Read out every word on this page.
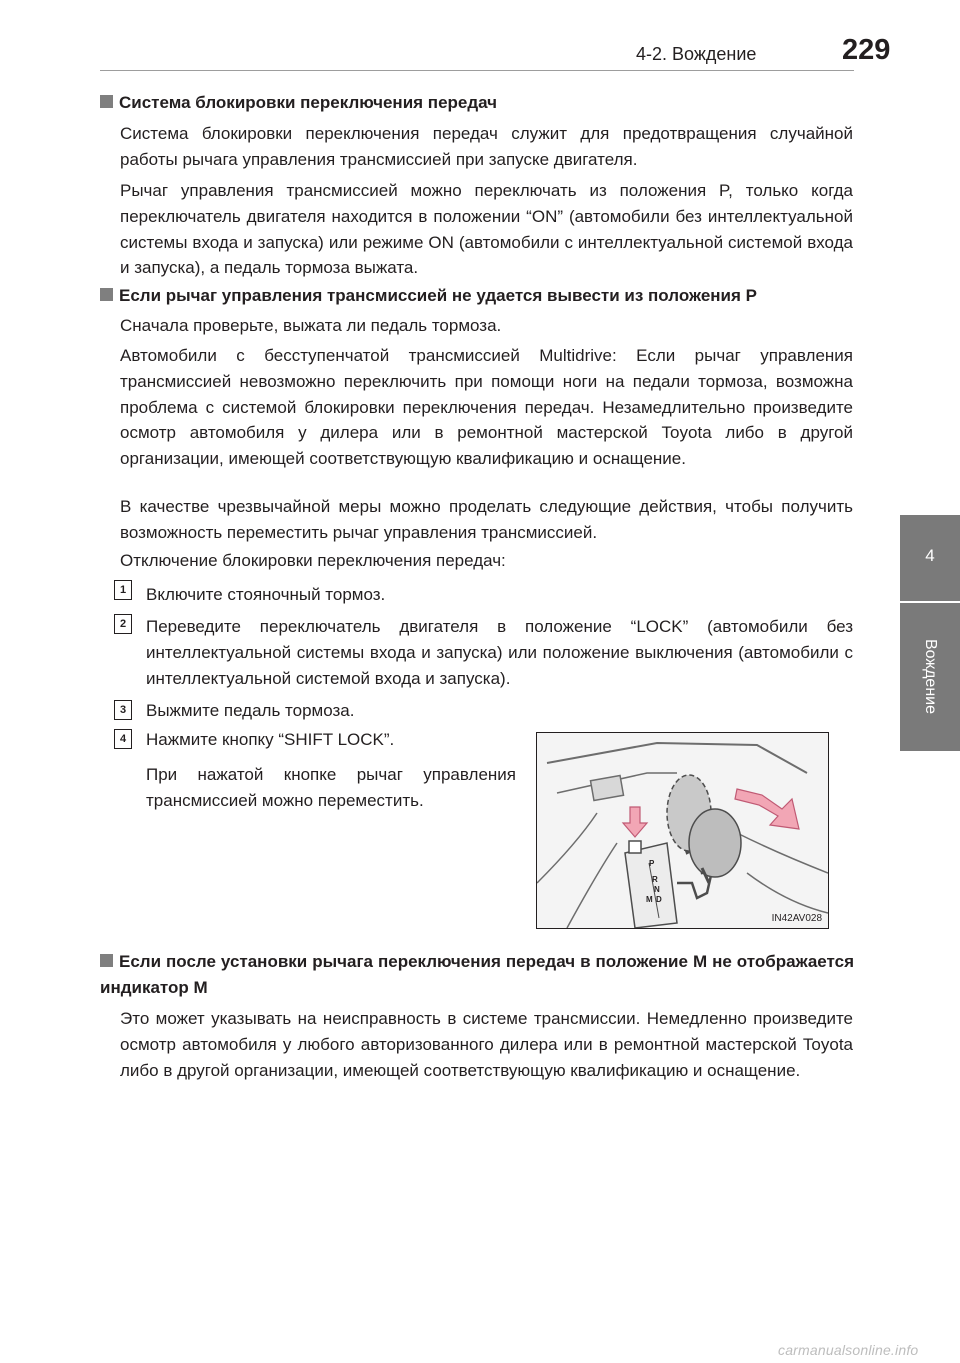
4-2. Вождение	229
4
Вождение
Система блокировки переключения передач
Система блокировки переключения передач служит для предотвращения случайной работы рычага управления трансмиссией при запуске двигателя.
Рычаг управления трансмиссией можно переключать из положения P, только когда переключатель двигателя находится в положении “ON” (автомобили без интеллектуальной системы входа и запуска) или режиме ON (автомобили с интеллектуальной системой входа и запуска), а педаль тормоза выжата.
Если рычаг управления трансмиссией не удается вывести из положения P
Сначала проверьте, выжата ли педаль тормоза.
Автомобили с бесступенчатой трансмиссией Multidrive: Если рычаг управления трансмиссией невозможно переключить при помощи ноги на педали тормоза, возможна проблема с системой блокировки переключения передач. Незамедлительно произведите осмотр автомобиля у дилера или в ремонтной мастерской Toyota либо в другой организации, имеющей соответствующую квалификацию и оснащение.
В качестве чрезвычайной меры можно проделать следующие действия, чтобы получить возможность переместить рычаг управления трансмиссией.
Отключение блокировки переключения передач:
1	Включите стояночный тормоз.
2	Переведите переключатель двигателя в положение “LOCK” (автомобили без интеллектуальной системы входа и запуска) или положение выключения (автомобили с интеллектуальной системой входа и запуска).
3	Выжмите педаль тормоза.
4	Нажмите кнопку “SHIFT LOCK”.
При нажатой кнопке рычаг управления трансмиссией можно переместить.
Если после установки рычага переключения передач в положение M не отображается индикатор M
Это может указывать на неисправность в системе трансмиссии. Немедленно произведите осмотр автомобиля у любого авторизованного дилера или в ремонтной мастерской Toyota либо в другой организации, имеющей соответствующую квалификацию и оснащение.
P
R
N
D
M
IN42AV028
carmanualsonline.info
